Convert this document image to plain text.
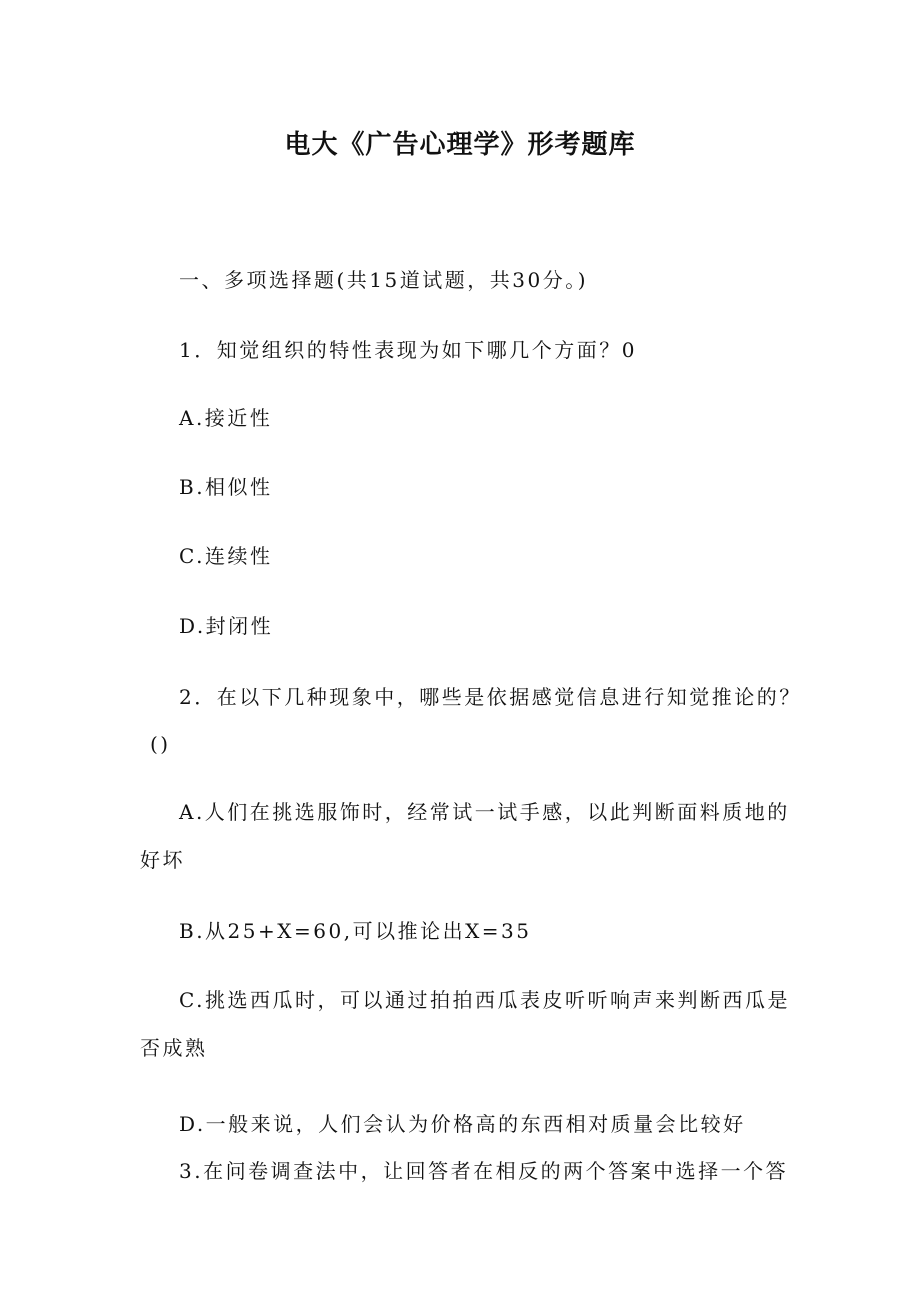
电大《广告心理学》形考题库

一、多项选择题(共15道试题，共30分。)

1．知觉组织的特性表现为如下哪几个方面？0

A.接近性

B.相似性

C.连续性

D.封闭性

2．在以下几种现象中，哪些是依据感觉信息进行知觉推论的？

()

A.人们在挑选服饰时，经常试一试手感，以此判断面料质地的

好坏

B.从25+X=60,可以推论出X=35

C.挑选西瓜时，可以通过拍拍西瓜表皮听听响声来判断西瓜是

否成熟

D.一般来说，人们会认为价格高的东西相对质量会比较好

3.在问卷调查法中，让回答者在相反的两个答案中选择一个答
